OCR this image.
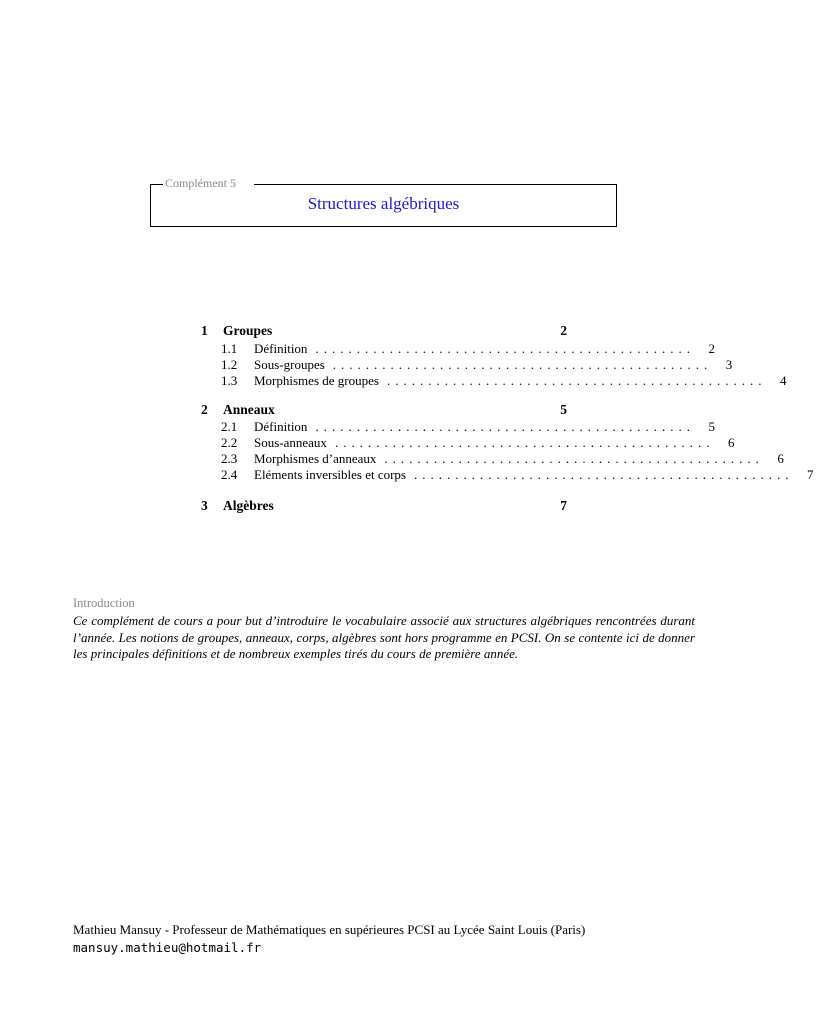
Complément 5
Structures algébriques
1 Groupes	2
1.1	Définition ..............................................	2
1.2	Sous-groupes ..............................................	3
1.3	Morphismes de groupes ..............................................	4
2 Anneaux	5
2.1	Définition ..............................................	5
2.2	Sous-anneaux ..............................................	6
2.3	Morphismes d’anneaux ..............................................	6
2.4	Eléments inversibles et corps ..............................................	7
3 Algèbres	7
Introduction
Ce complément de cours a pour but d’introduire le vocabulaire associé aux structures algébriques rencontrées durant l’année. Les notions de groupes, anneaux, corps, algèbres sont hors programme en PCSI. On se contente ici de donner les principales définitions et de nombreux exemples tirés du cours de première année.
Mathieu Mansuy - Professeur de Mathématiques en supérieures PCSI au Lycée Saint Louis (Paris)
mansuy.mathieu@hotmail.fr
